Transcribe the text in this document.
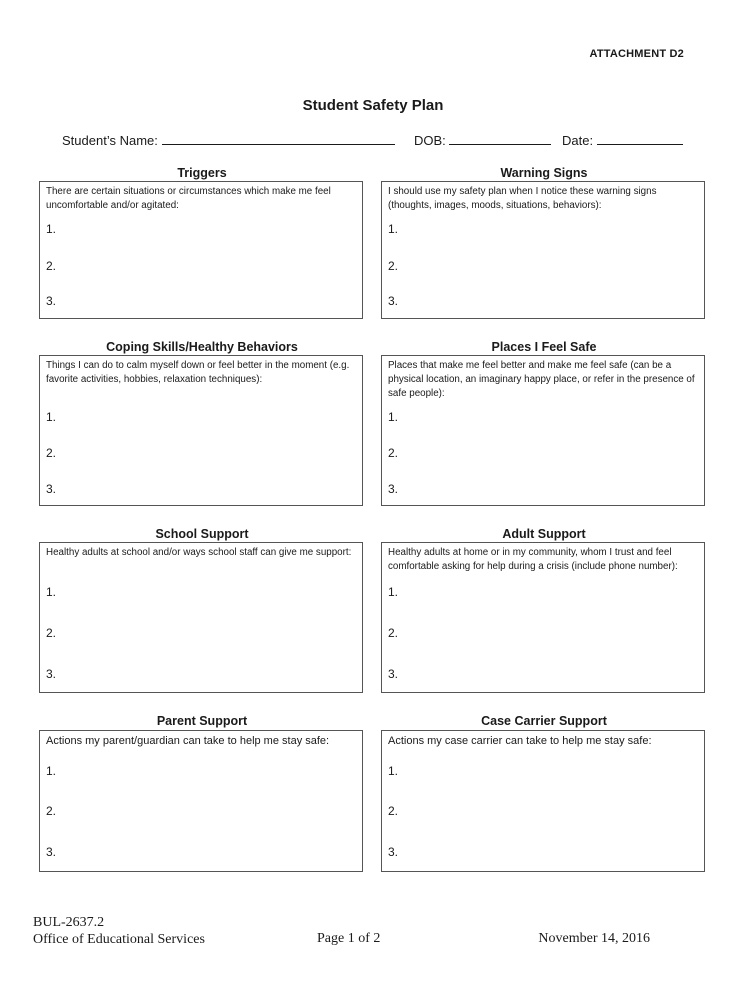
ATTACHMENT D2
Student Safety Plan
Student’s Name:	DOB:	Date:
Triggers	Warning Signs
There are certain situations or circumstances which make me feel uncomfortable and/or agitated:
1.
2.
3.
I should use my safety plan when I notice these warning signs (thoughts, images, moods, situations, behaviors):
1.
2.
3.
Coping Skills/Healthy Behaviors	Places I Feel Safe
Things I can do to calm myself down or feel better in the moment (e.g. favorite activities, hobbies, relaxation techniques):
1.
2.
3.
Places that make me feel better and make me feel safe (can be a physical location, an imaginary happy place, or refer in the presence of safe people):
1.
2.
3.
School Support	Adult Support
Healthy adults at school and/or ways school staff can give me support:
1.
2.
3.
Healthy adults at home or in my community, whom I trust and feel comfortable asking for help during a crisis (include phone number):
1.
2.
3.
Parent Support	Case Carrier Support
Actions my parent/guardian can take to help me stay safe:
1.
2.
3.
Actions my case carrier can take to help me stay safe:
1.
2.
3.
BUL-2637.2
Office of Educational Services	Page 1 of 2	November 14, 2016
